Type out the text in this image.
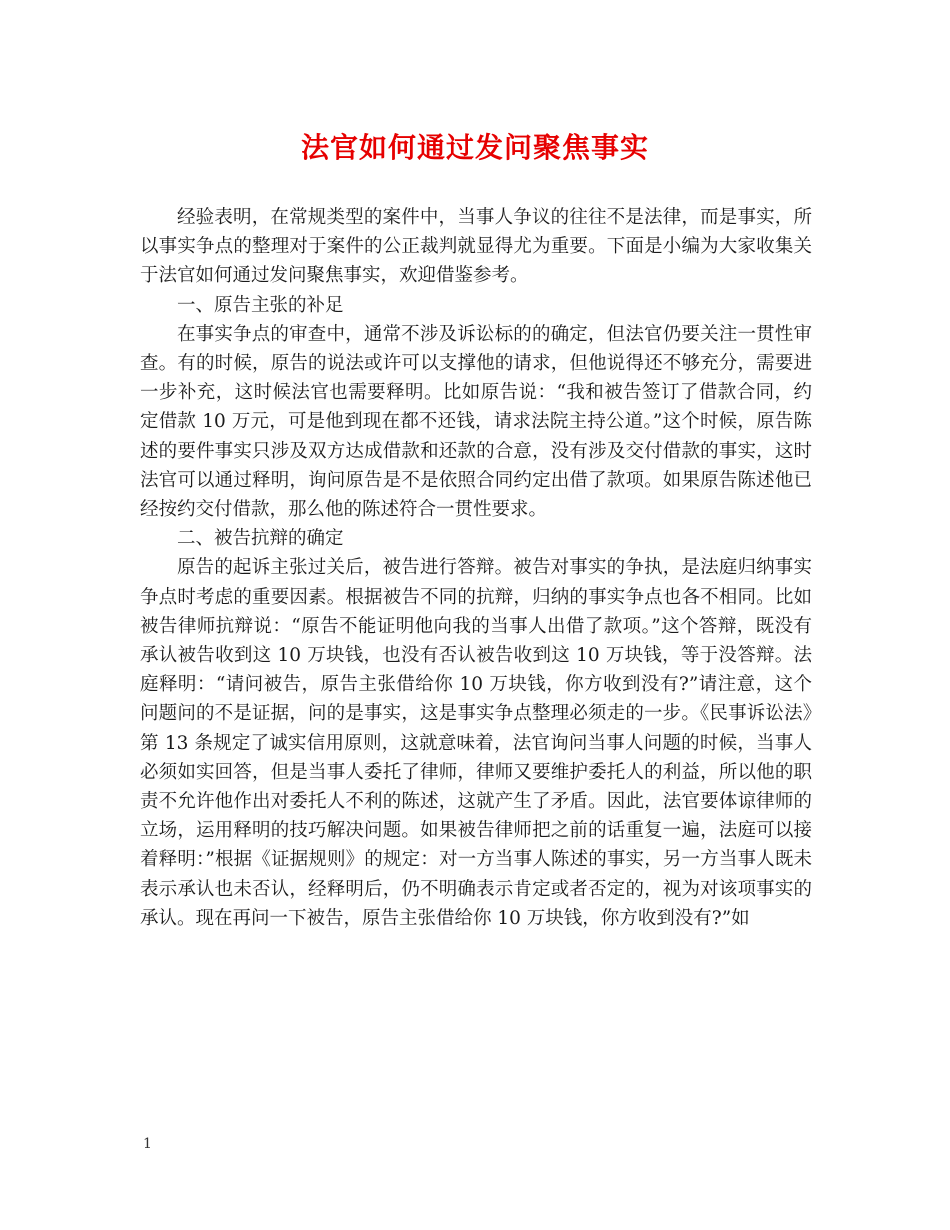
法官如何通过发问聚焦事实

经验表明，在常规类型的案件中，当事人争议的往往不是法律，而是事实，所以事实争点的整理对于案件的公正裁判就显得尤为重要。下面是小编为大家收集关于法官如何通过发问聚焦事实，欢迎借鉴参考。

一、原告主张的补足

在事实争点的审查中，通常不涉及诉讼标的的确定，但法官仍要关注一贯性审查。有的时候，原告的说法或许可以支撑他的请求，但他说得还不够充分，需要进一步补充，这时候法官也需要释明。比如原告说：“我和被告签订了借款合同，约定借款 10 万元，可是他到现在都不还钱，请求法院主持公道。”这个时候，原告陈述的要件事实只涉及双方达成借款和还款的合意，没有涉及交付借款的事实，这时法官可以通过释明，询问原告是不是依照合同约定出借了款项。如果原告陈述他已经按约交付借款，那么他的陈述符合一贯性要求。

二、被告抗辩的确定

原告的起诉主张过关后，被告进行答辩。被告对事实的争执，是法庭归纳事实争点时考虑的重要因素。根据被告不同的抗辩，归纳的事实争点也各不相同。比如被告律师抗辩说：“原告不能证明他向我的当事人出借了款项。”这个答辩，既没有承认被告收到这 10 万块钱，也没有否认被告收到这 10 万块钱，等于没答辩。法庭释明：“请问被告，原告主张借给你 10 万块钱，你方收到没有?”请注意，这个问题问的不是证据，问的是事实，这是事实争点整理必须走的一步。《民事诉讼法》第 13 条规定了诚实信用原则，这就意味着，法官询问当事人问题的时候，当事人必须如实回答，但是当事人委托了律师，律师又要维护委托人的利益，所以他的职责不允许他作出对委托人不利的陈述，这就产生了矛盾。因此，法官要体谅律师的立场，运用释明的技巧解决问题。如果被告律师把之前的话重复一遍，法庭可以接着释明：”根据《证据规则》的规定：对一方当事人陈述的事实，另一方当事人既未表示承认也未否认，经释明后，仍不明确表示肯定或者否定的，视为对该项事实的承认。现在再问一下被告，原告主张借给你 10 万块钱，你方收到没有?”如

1
